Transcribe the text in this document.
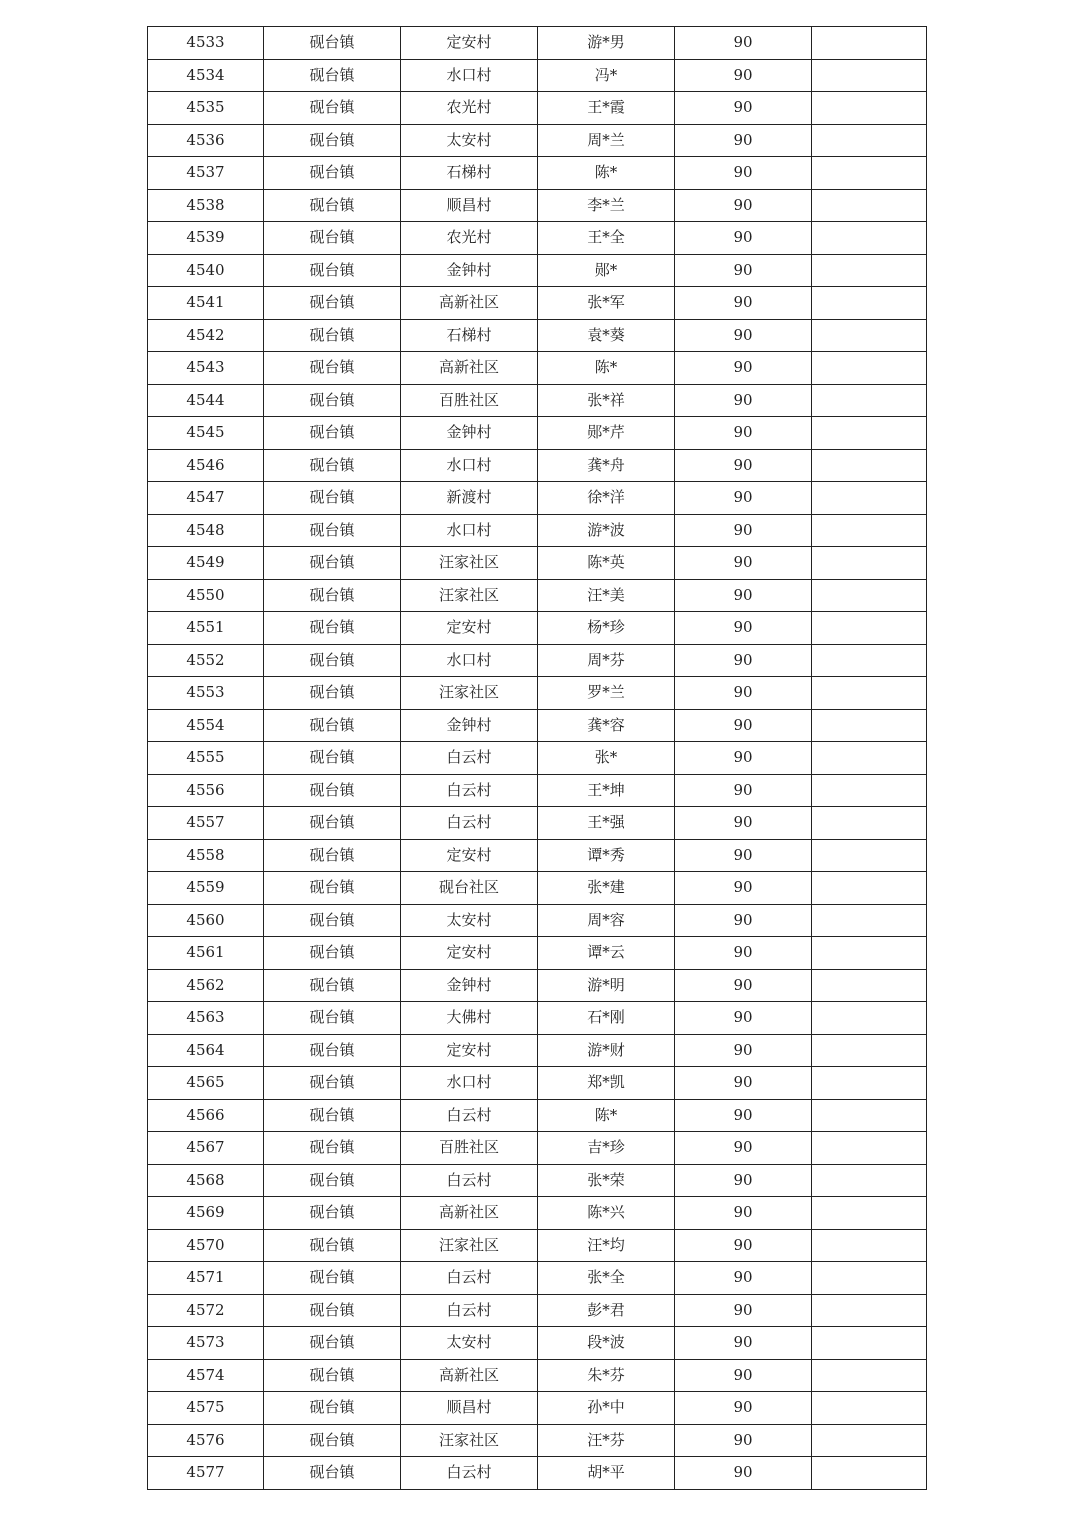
4533	砚台镇	定安村	游*男	90	
4534	砚台镇	水口村	冯*	90	
4535	砚台镇	农光村	王*霞	90	
4536	砚台镇	太安村	周*兰	90	
4537	砚台镇	石梯村	陈*	90	
4538	砚台镇	顺昌村	李*兰	90	
4539	砚台镇	农光村	王*全	90	
4540	砚台镇	金钟村	郧*	90	
4541	砚台镇	高新社区	张*军	90	
4542	砚台镇	石梯村	袁*葵	90	
4543	砚台镇	高新社区	陈*	90	
4544	砚台镇	百胜社区	张*祥	90	
4545	砚台镇	金钟村	郧*芹	90	
4546	砚台镇	水口村	龚*舟	90	
4547	砚台镇	新渡村	徐*洋	90	
4548	砚台镇	水口村	游*波	90	
4549	砚台镇	汪家社区	陈*英	90	
4550	砚台镇	汪家社区	汪*美	90	
4551	砚台镇	定安村	杨*珍	90	
4552	砚台镇	水口村	周*芬	90	
4553	砚台镇	汪家社区	罗*兰	90	
4554	砚台镇	金钟村	龚*容	90	
4555	砚台镇	白云村	张*	90	
4556	砚台镇	白云村	王*坤	90	
4557	砚台镇	白云村	王*强	90	
4558	砚台镇	定安村	谭*秀	90	
4559	砚台镇	砚台社区	张*建	90	
4560	砚台镇	太安村	周*容	90	
4561	砚台镇	定安村	谭*云	90	
4562	砚台镇	金钟村	游*明	90	
4563	砚台镇	大佛村	石*刚	90	
4564	砚台镇	定安村	游*财	90	
4565	砚台镇	水口村	郑*凯	90	
4566	砚台镇	白云村	陈*	90	
4567	砚台镇	百胜社区	吉*珍	90	
4568	砚台镇	白云村	张*荣	90	
4569	砚台镇	高新社区	陈*兴	90	
4570	砚台镇	汪家社区	汪*均	90	
4571	砚台镇	白云村	张*全	90	
4572	砚台镇	白云村	彭*君	90	
4573	砚台镇	太安村	段*波	90	
4574	砚台镇	高新社区	朱*芬	90	
4575	砚台镇	顺昌村	孙*中	90	
4576	砚台镇	汪家社区	汪*芬	90	
4577	砚台镇	白云村	胡*平	90	
